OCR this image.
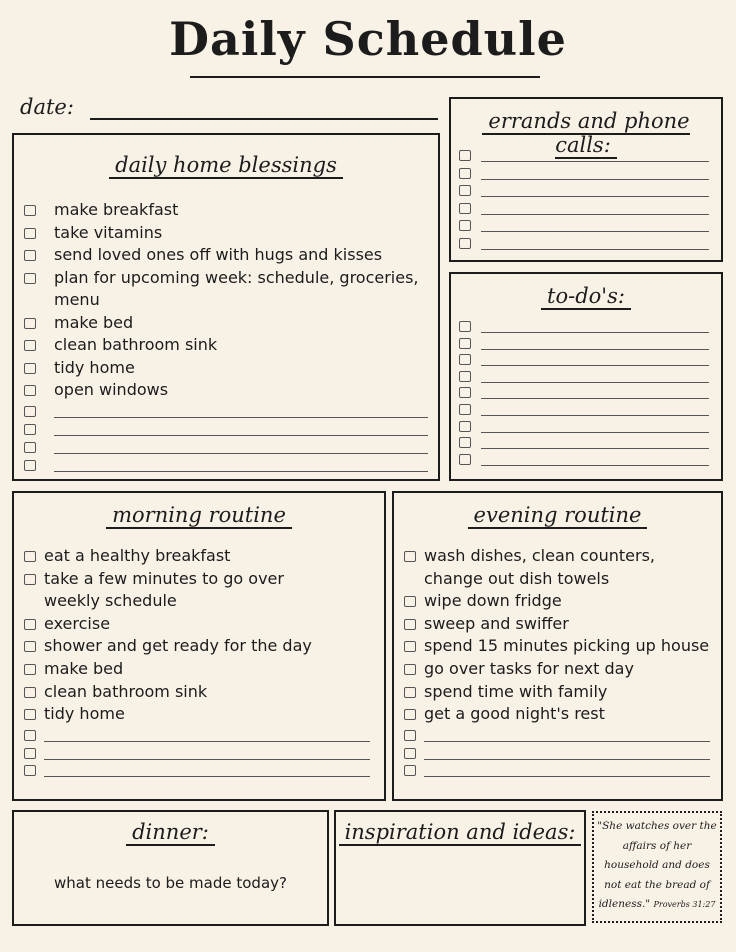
Daily Schedule
date:
daily home blessings
make breakfast
take vitamins
send loved ones off with hugs and kisses
plan for upcoming week: schedule, groceries,
menu
make bed
clean bathroom sink
tidy home
open windows
errands and phone calls:
to-do's:
morning routine
eat a healthy breakfast
take a few minutes to go over
weekly schedule
exercise
shower and get ready for the day
make bed
clean bathroom sink
tidy home
evening routine
wash dishes, clean counters,
change out dish towels
wipe down fridge
sweep and swiffer
spend 15 minutes picking up house
go over tasks for next day
spend time with family
get a good night's rest
dinner:
what needs to be made today?
inspiration and ideas:	"She watches over the
affairs of her
household and does
not eat the bread of
idleness." Proverbs 31:27
